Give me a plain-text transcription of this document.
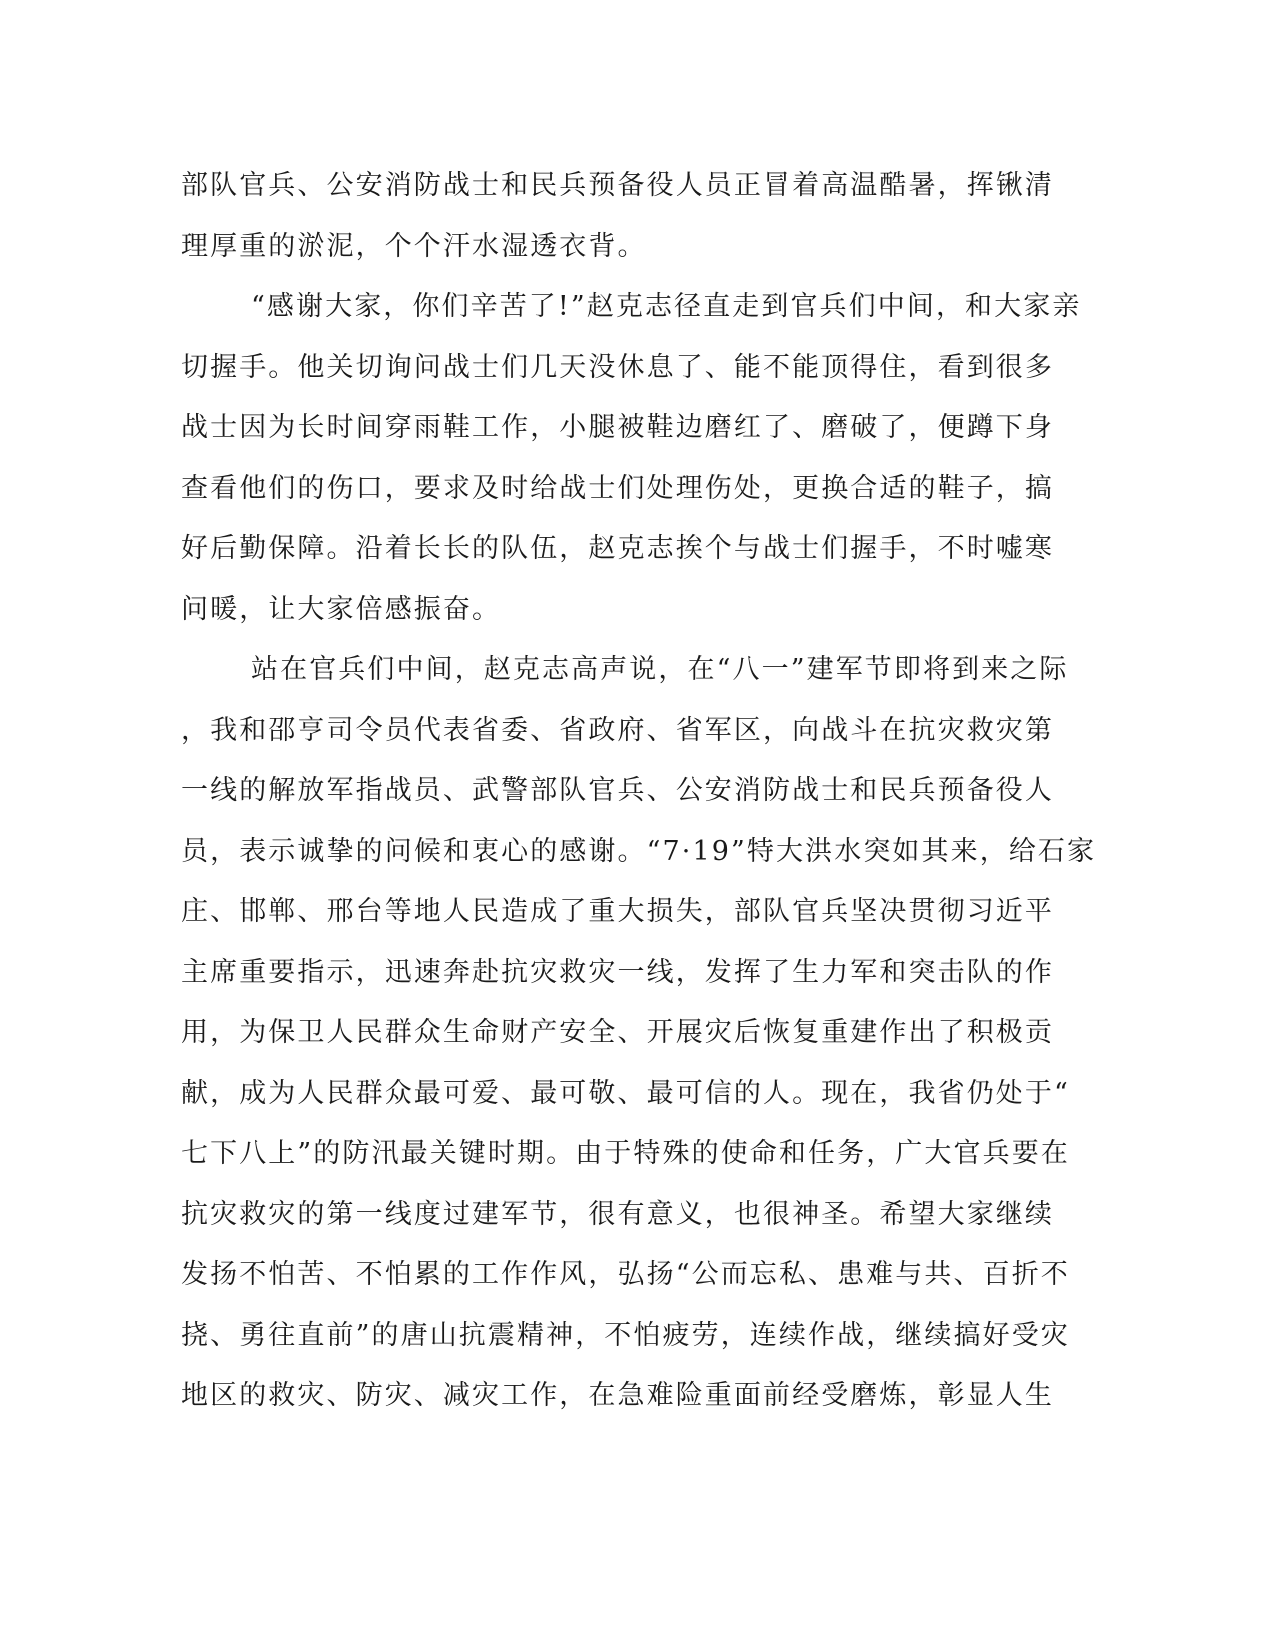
部队官兵、公安消防战士和民兵预备役人员正冒着高温酷暑，挥锹清
理厚重的淤泥，个个汗水湿透衣背。
“感谢大家，你们辛苦了!”赵克志径直走到官兵们中间，和大家亲
切握手。他关切询问战士们几天没休息了、能不能顶得住，看到很多
战士因为长时间穿雨鞋工作，小腿被鞋边磨红了、磨破了，便蹲下身
查看他们的伤口，要求及时给战士们处理伤处，更换合适的鞋子，搞
好后勤保障。沿着长长的队伍，赵克志挨个与战士们握手，不时嘘寒
问暖，让大家倍感振奋。
站在官兵们中间，赵克志高声说，在“八一”建军节即将到来之际
，我和邵亨司令员代表省委、省政府、省军区，向战斗在抗灾救灾第
一线的解放军指战员、武警部队官兵、公安消防战士和民兵预备役人
员，表示诚挚的问候和衷心的感谢。“7·19”特大洪水突如其来，给石家
庄、邯郸、邢台等地人民造成了重大损失，部队官兵坚决贯彻习近平
主席重要指示，迅速奔赴抗灾救灾一线，发挥了生力军和突击队的作
用，为保卫人民群众生命财产安全、开展灾后恢复重建作出了积极贡
献，成为人民群众最可爱、最可敬、最可信的人。现在，我省仍处于“
七下八上”的防汛最关键时期。由于特殊的使命和任务，广大官兵要在
抗灾救灾的第一线度过建军节，很有意义，也很神圣。希望大家继续
发扬不怕苦、不怕累的工作作风，弘扬“公而忘私、患难与共、百折不
挠、勇往直前”的唐山抗震精神，不怕疲劳，连续作战，继续搞好受灾
地区的救灾、防灾、减灾工作，在急难险重面前经受磨炼，彰显人生
